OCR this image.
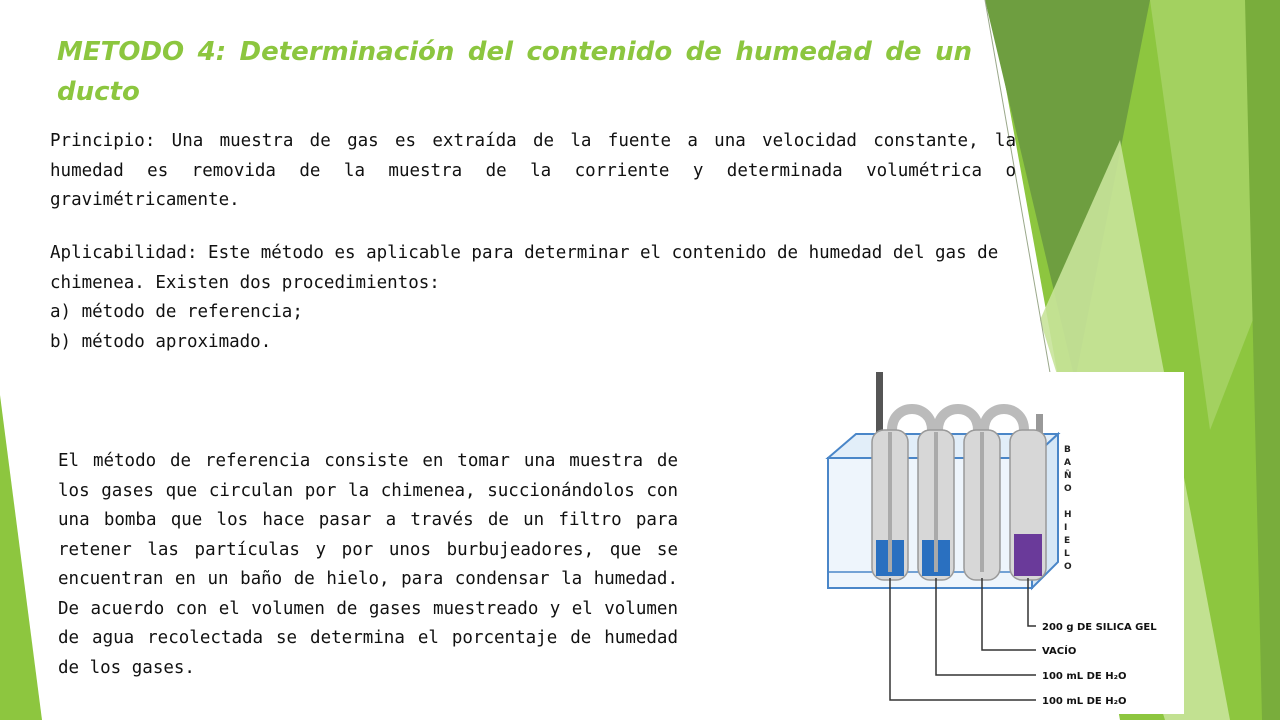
METODO 4: Determinación del contenido de humedad de un ducto

Principio: Una muestra de gas es extraída de la fuente a una velocidad constante, la humedad es removida de la muestra de la corriente y determinada volumétrica o gravimétricamente.

Aplicabilidad: Este método es aplicable para determinar el contenido de humedad del gas de chimenea. Existen dos procedimientos:
a) método de referencia;
b) método aproximado.

El método de referencia consiste en tomar una muestra de los gases que circulan por la chimenea, succionándolos con una bomba que los hace pasar a través de un filtro para retener las partículas y por unos burbujeadores, que se encuentran en un baño de hielo, para condensar la humedad. De acuerdo con el volumen de gases muestreado y el volumen de agua recolectada se determina el porcentaje de humedad de los gases.

B
A
Ñ
O
H
I
E
L
O
200 g DE SILICA GEL
VACÍO
100 mL DE H₂O
100 mL DE H₂O
